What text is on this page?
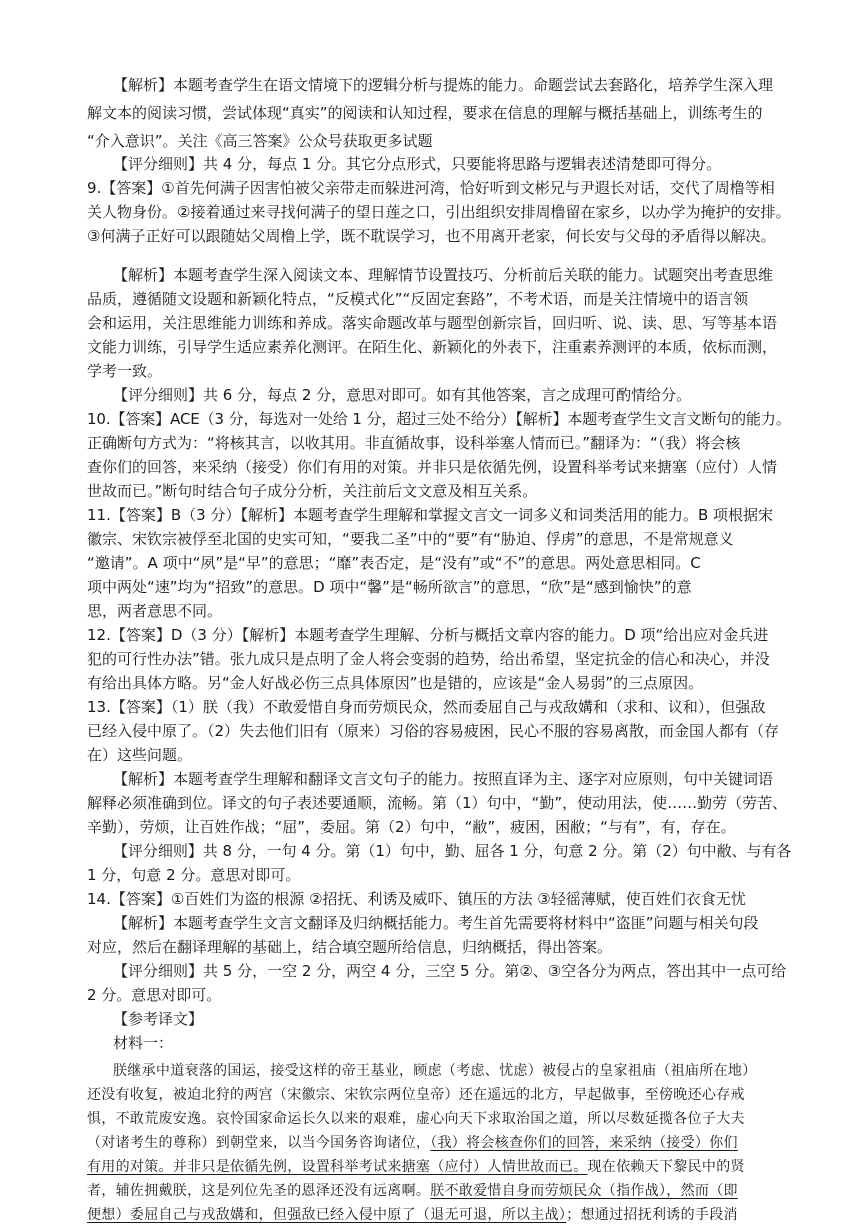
【解析】本题考查学生在语文情境下的逻辑分析与提炼的能力。命题尝试去套路化，培养学生深入理
解文本的阅读习惯，尝试体现“真实”的阅读和认知过程，要求在信息的理解与概括基础上，训练考生的
“介入意识”。关注《高三答案》公众号获取更多试题
【评分细则】共 4 分，每点 1 分。其它分点形式，只要能将思路与逻辑表述清楚即可得分。
9.【答案】①首先何满子因害怕被父亲带走而躲进河湾，恰好听到文彬兄与尹遐长对话，交代了周橹等相
关人物身份。②接着通过来寻找何满子的望日莲之口，引出组织安排周橹留在家乡，以办学为掩护的安排。
③何满子正好可以跟随姑父周橹上学，既不耽误学习，也不用离开老家，何长安与父母的矛盾得以解决。
【解析】本题考查学生深入阅读文本、理解情节设置技巧、分析前后关联的能力。试题突出考查思维
品质，遵循随文设题和新颖化特点，“反模式化”“反固定套路”，不考术语，而是关注情境中的语言领
会和运用，关注思维能力训练和养成。落实命题改革与题型创新宗旨，回归听、说、读、思、写等基本语
文能力训练，引导学生适应素养化测评。在陌生化、新颖化的外表下，注重素养测评的本质，依标而测，
学考一致。
【评分细则】共 6 分，每点 2 分，意思对即可。如有其他答案，言之成理可酌情给分。
10.【答案】ACE（3 分，每选对一处给 1 分，超过三处不给分）【解析】本题考查学生文言文断句的能力。
正确断句方式为：“将核其言，以收其用。非直循故事，设科举塞人情而已。”翻译为：“（我）将会核
查你们的回答，来采纳（接受）你们有用的对策。并非只是依循先例，设置科举考试来搪塞（应付）人情
世故而已。”断句时结合句子成分分析，关注前后文文意及相互关系。
11.【答案】B（3 分）【解析】本题考查学生理解和掌握文言文一词多义和词类活用的能力。B 项根据宋
徽宗、宋钦宗被俘至北国的史实可知，“要我二圣”中的“要”有“胁迫、俘虏”的意思，不是常规意义
“邀请”。A 项中“夙”是“早”的意思；“靡”表否定，是“没有”或“不”的意思。两处意思相同。C
项中两处“速”均为“招致”的意思。D 项中“馨”是“畅所欲言”的意思，“欣”是“感到愉快”的意
思，两者意思不同。
12.【答案】D（3 分）【解析】本题考查学生理解、分析与概括文章内容的能力。D 项“给出应对金兵进
犯的可行性办法”错。张九成只是点明了金人将会变弱的趋势，给出希望，坚定抗金的信心和决心，并没
有给出具体方略。另“金人好战必伤三点具体原因”也是错的，应该是“金人易弱”的三点原因。
13.【答案】（1）朕（我）不敢爱惜自身而劳烦民众，然而委屈自己与戎敌媾和（求和、议和），但强敌
已经入侵中原了。（2）失去他们旧有（原来）习俗的容易疲困，民心不服的容易离散，而金国人都有（存
在）这些问题。
【解析】本题考查学生理解和翻译文言文句子的能力。按照直译为主、逐字对应原则，句中关键词语
解释必须准确到位。译文的句子表述要通顺，流畅。第（1）句中，“勤”，使动用法，使……勤劳（劳苦、
辛勤），劳烦，让百姓作战；“屈”，委屈。第（2）句中，“敝”，疲困，困敝；“与有”，有，存在。
【评分细则】共 8 分，一句 4 分。第（1）句中，勤、屈各 1 分，句意 2 分。第（2）句中敝、与有各
1 分，句意 2 分。意思对即可。
14.【答案】①百姓们为盗的根源 ②招抚、利诱及威吓、镇压的方法 ③轻徭薄赋，使百姓们衣食无忧
【解析】本题考查学生文言文翻译及归纳概括能力。考生首先需要将材料中“盗匪”问题与相关句段
对应，然后在翻译理解的基础上，结合填空题所给信息，归纳概括，得出答案。
【评分细则】共 5 分，一空 2 分，两空 4 分，三空 5 分。第②、③空各分为两点，答出其中一点可给
2 分。意思对即可。
【参考译文】
材料一：
朕继承中道衰落的国运，接受这样的帝王基业，顾虑（考虑、忧虑）被侵占的皇家祖庙（祖庙所在地）
还没有收复，被迫北狩的两宫（宋徽宗、宋钦宗两位皇帝）还在遥远的北方，早起做事，至傍晚还心存戒
惧，不敢荒废安逸。哀怜国家命运长久以来的艰难，虚心向天下求取治国之道，所以尽数延揽各位子大夫
（对诸考生的尊称）到朝堂来，以当今国务咨询诸位，（我）将会核查你们的回答，来采纳（接受）你们
有用的对策。并非只是依循先例，设置科举考试来搪塞（应付）人情世故而已。现在依赖天下黎民中的贤
者，辅佐拥戴朕，这是列位先圣的恩泽还没有远离啊。朕不敢爱惜自身而劳烦民众（指作战），然而（即
便想）委屈自己与戎敌媾和，但强敌已经入侵中原了（退无可退，所以主战）；想通过招抚利诱的手段消
